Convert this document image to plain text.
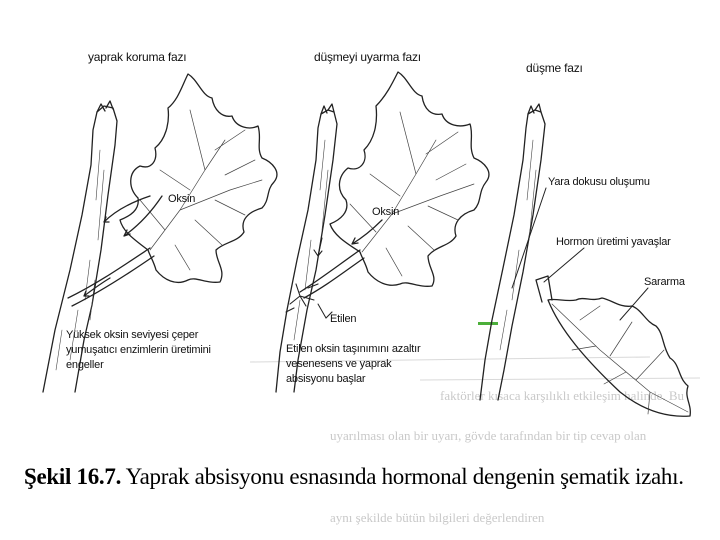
faktörler kısaca karşılıklı etkileşim halinde. Bu
uyarılması olan bir uyarı, gövde tarafından bir tip cevap olan
aynı şekilde bütün bilgileri değerlendiren
yaprak koruma fazı	düşmeyi uyarma fazı
düşme fazı
Oksin
Oksin
Etilen
Yara dokusu oluşumu
Hormon üretimi yavaşlar
Sararma
Yüksek oksin seviyesi çeper
yumuşatıcı enzimlerin üretimini
engeller
Etilen oksin taşınımını azaltır
vesenesens ve yaprak
absisyonu başlar
Şekil 16.7. Yaprak absisyonu esnasında hormonal dengenin şematik izahı.
